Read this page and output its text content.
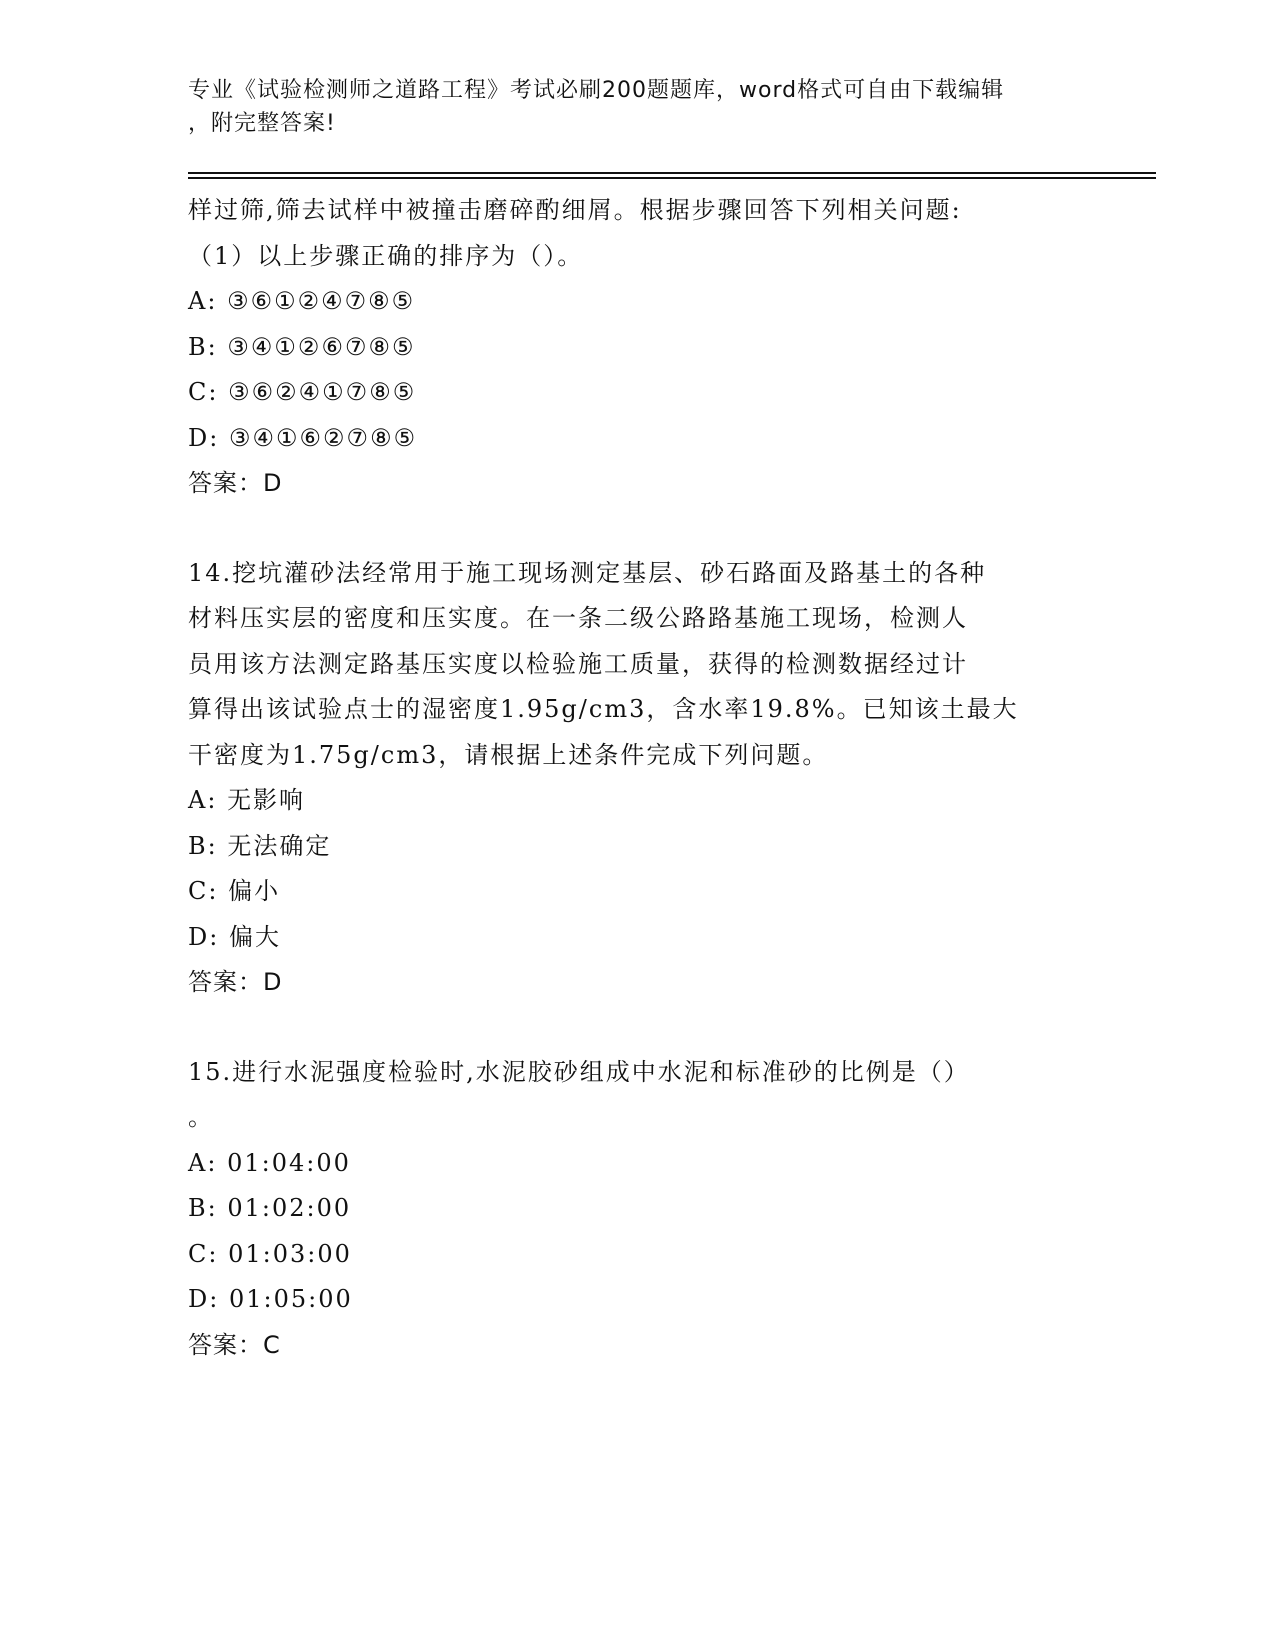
专业《试验检测师之道路工程》考试必刷200题题库，word格式可自由下载编辑
，附完整答案!
样过筛,筛去试样中被撞击磨碎酌细屑。根据步骤回答下列相关问题:
（1）以上步骤正确的排序为（）。
A: ③⑥①②④⑦⑧⑤
B: ③④①②⑥⑦⑧⑤
C: ③⑥②④①⑦⑧⑤
D: ③④①⑥②⑦⑧⑤
答案：D
14.挖坑灌砂法经常用于施工现场测定基层、砂石路面及路基土的各种
材料压实层的密度和压实度。在一条二级公路路基施工现场，检测人
员用该方法测定路基压实度以检验施工质量，获得的检测数据经过计
算得出该试验点士的湿密度1.95g/cm3，含水率19.8%。已知该土最大
干密度为1.75g/cm3，请根据上述条件完成下列问题。
A: 无影响
B: 无法确定
C: 偏小
D: 偏大
答案：D
15.进行水泥强度检验时,水泥胶砂组成中水泥和标准砂的比例是（）
。
A: 01:04:00
B: 01:02:00
C: 01:03:00
D: 01:05:00
答案：C
